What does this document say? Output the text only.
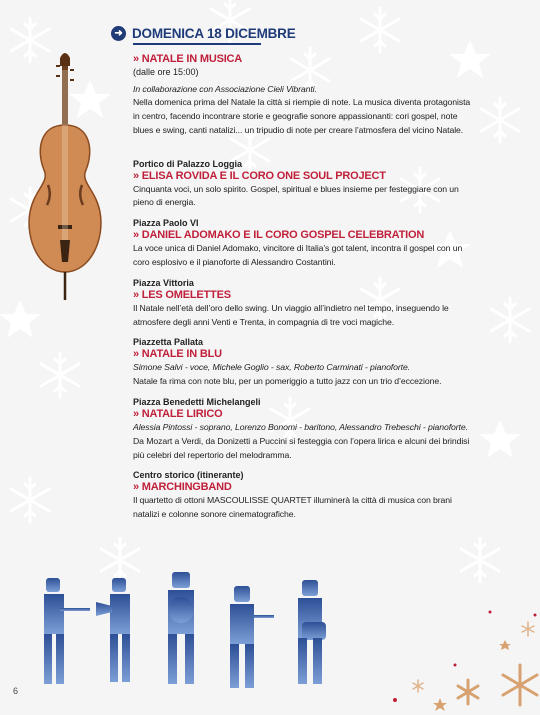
➜ DOMENICA 18 DICEMBRE
» NATALE IN MUSICA
(dalle ore 15:00)
In collaborazione con Associazione Cieli Vibranti.
Nella domenica prima del Natale la città si riempie di note. La musica diventa protagonista in centro, facendo incontrare storie e geografie sonore appassionanti: cori gospel, note blues e swing, canti natalizi... un tripudio di note per creare l’atmosfera del vicino Natale.
Portico di Palazzo Loggia
» ELISA ROVIDA E IL CORO ONE SOUL PROJECT
Cinquanta voci, un solo spirito. Gospel, spiritual e blues insieme per festeggiare con un pieno di energia.
Piazza Paolo VI
» DANIEL ADOMAKO E IL CORO GOSPEL CELEBRATION
La voce unica di Daniel Adomako, vincitore di Italia’s got talent, incontra il gospel con un coro esplosivo e il pianoforte di Alessandro Costantini.
Piazza Vittoria
» LES OMELETTES
Il Natale nell’età dell’oro dello swing. Un viaggio all’indietro nel tempo, inseguendo le atmosfere degli anni Venti e Trenta, in compagnia di tre voci magiche.
Piazzetta Pallata
» NATALE IN BLU
Simone Salvi - voce, Michele Goglio - sax, Roberto Carminati - pianoforte.
Natale fa rima con note blu, per un pomeriggio a tutto jazz con un trio d’eccezione.
Piazza Benedetti Michelangeli
» NATALE LIRICO
Alessia Pintossi - soprano, Lorenzo Bonomi - baritono, Alessandro Trebeschi - pianoforte.
Da Mozart a Verdi, da Donizetti a Puccini si festeggia con l’opera lirica e alcuni dei brindisi più celebri del repertorio del melodramma.
Centro storico (itinerante)
» MARCHINGBAND
Il quartetto di ottoni MASCOULISSE QUARTET illuminerà la città di musica con brani natalizi e colonne sonore cinematografiche.
6
